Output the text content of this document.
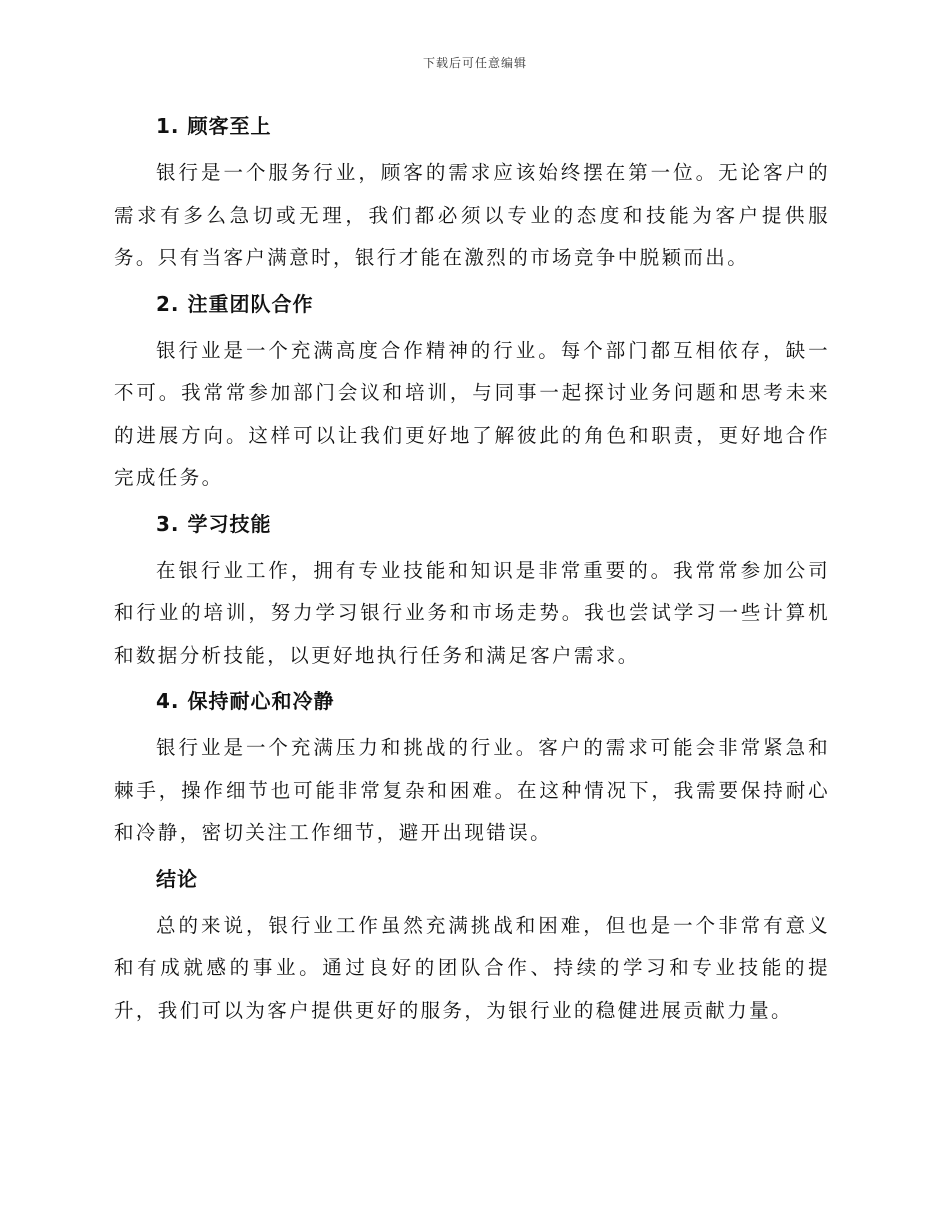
下载后可任意编辑
1. 顾客至上

银行是一个服务行业，顾客的需求应该始终摆在第一位。无论客户的需求有多么急切或无理，我们都必须以专业的态度和技能为客户提供服务。只有当客户满意时，银行才能在激烈的市场竞争中脱颖而出。

2. 注重团队合作

银行业是一个充满高度合作精神的行业。每个部门都互相依存，缺一不可。我常常参加部门会议和培训，与同事一起探讨业务问题和思考未来的进展方向。这样可以让我们更好地了解彼此的角色和职责，更好地合作完成任务。

3. 学习技能

在银行业工作，拥有专业技能和知识是非常重要的。我常常参加公司和行业的培训，努力学习银行业务和市场走势。我也尝试学习一些计算机和数据分析技能，以更好地执行任务和满足客户需求。

4. 保持耐心和冷静

银行业是一个充满压力和挑战的行业。客户的需求可能会非常紧急和棘手，操作细节也可能非常复杂和困难。在这种情况下，我需要保持耐心和冷静，密切关注工作细节，避开出现错误。

结论

总的来说，银行业工作虽然充满挑战和困难，但也是一个非常有意义和有成就感的事业。通过良好的团队合作、持续的学习和专业技能的提升，我们可以为客户提供更好的服务，为银行业的稳健进展贡献力量。
